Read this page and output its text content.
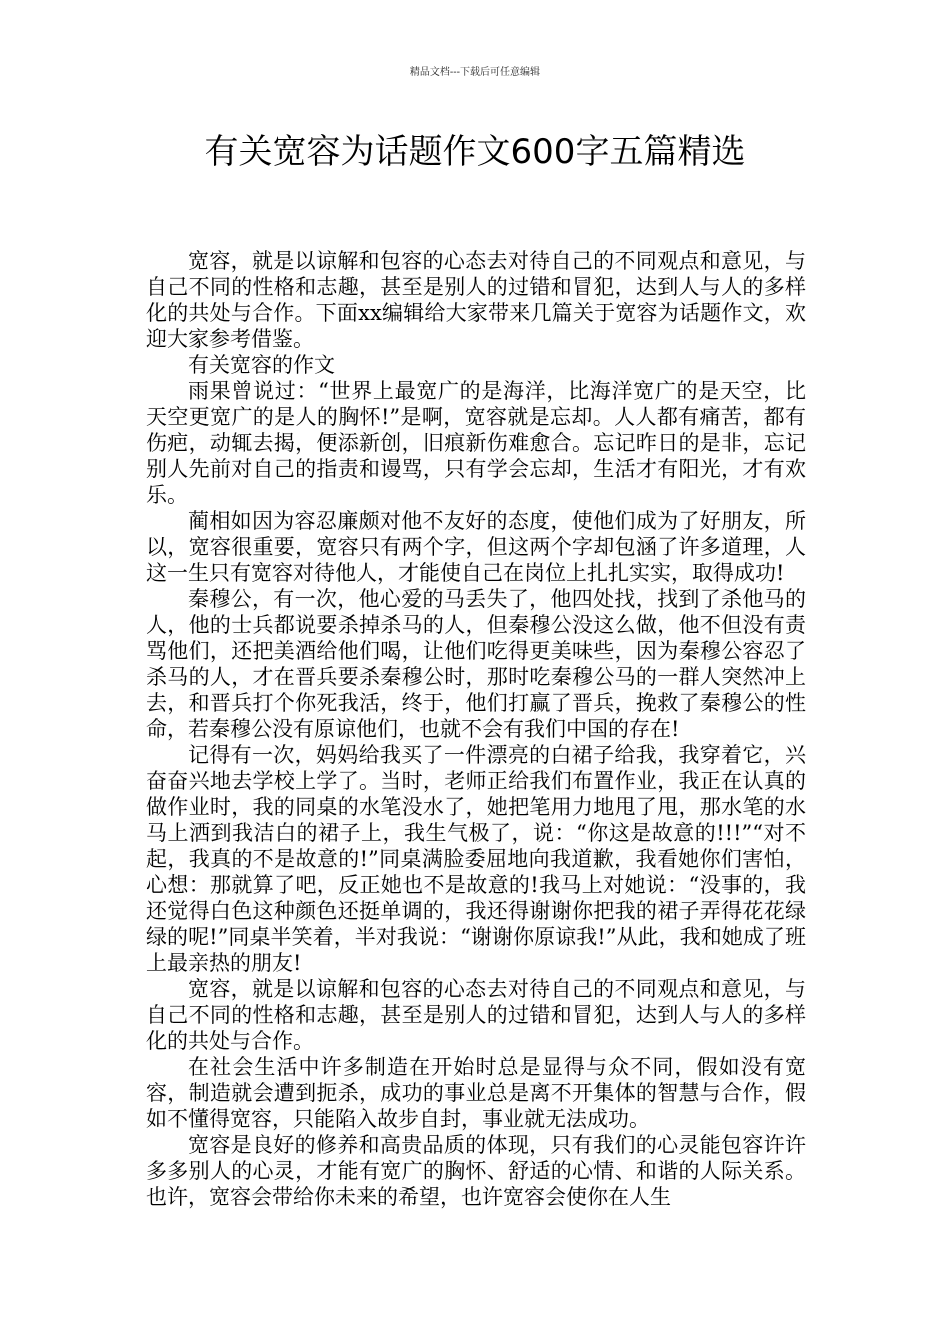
精品文档---下载后可任意编辑
有关宽容为话题作文600字五篇精选

宽容，就是以谅解和包容的心态去对待自己的不同观点和意见，与自己不同的性格和志趣，甚至是别人的过错和冒犯，达到人与人的多样化的共处与合作。下面xx编辑给大家带来几篇关于宽容为话题作文，欢迎大家参考借鉴。

有关宽容的作文

雨果曾说过：“世界上最宽广的是海洋，比海洋宽广的是天空，比天空更宽广的是人的胸怀!”是啊，宽容就是忘却。人人都有痛苦，都有伤疤，动辄去揭，便添新创，旧痕新伤难愈合。忘记昨日的是非，忘记别人先前对自己的指责和谩骂，只有学会忘却，生活才有阳光，才有欢乐。

蔺相如因为容忍廉颇对他不友好的态度，使他们成为了好朋友，所以，宽容很重要，宽容只有两个字，但这两个字却包涵了许多道理，人这一生只有宽容对待他人，才能使自己在岗位上扎扎实实，取得成功!

秦穆公，有一次，他心爱的马丢失了，他四处找，找到了杀他马的人，他的士兵都说要杀掉杀马的人，但秦穆公没这么做，他不但没有责骂他们，还把美酒给他们喝，让他们吃得更美味些，因为秦穆公容忍了杀马的人，才在晋兵要杀秦穆公时，那时吃秦穆公马的一群人突然冲上去，和晋兵打个你死我活，终于，他们打赢了晋兵，挽救了秦穆公的性命，若秦穆公没有原谅他们，也就不会有我们中国的存在!

记得有一次，妈妈给我买了一件漂亮的白裙子给我，我穿着它，兴奋奋兴地去学校上学了。当时，老师正给我们布置作业，我正在认真的做作业时，我的同桌的水笔没水了，她把笔用力地甩了甩，那水笔的水马上洒到我洁白的裙子上，我生气极了，说：“你这是故意的!!!”“对不起，我真的不是故意的!”同桌满脸委屈地向我道歉，我看她你们害怕，心想：那就算了吧，反正她也不是故意的!我马上对她说：“没事的，我还觉得白色这种颜色还挺单调的，我还得谢谢你把我的裙子弄得花花绿绿的呢!”同桌半笑着，半对我说：“谢谢你原谅我!”从此，我和她成了班上最亲热的朋友!

宽容，就是以谅解和包容的心态去对待自己的不同观点和意见，与自己不同的性格和志趣，甚至是别人的过错和冒犯，达到人与人的多样化的共处与合作。

在社会生活中许多制造在开始时总是显得与众不同，假如没有宽容，制造就会遭到扼杀，成功的事业总是离不开集体的智慧与合作，假如不懂得宽容，只能陷入故步自封，事业就无法成功。

宽容是良好的修养和高贵品质的体现，只有我们的心灵能包容许许多多别人的心灵，才能有宽广的胸怀、舒适的心情、和谐的人际关系。也许，宽容会带给你未来的希望，也许宽容会使你在人生
